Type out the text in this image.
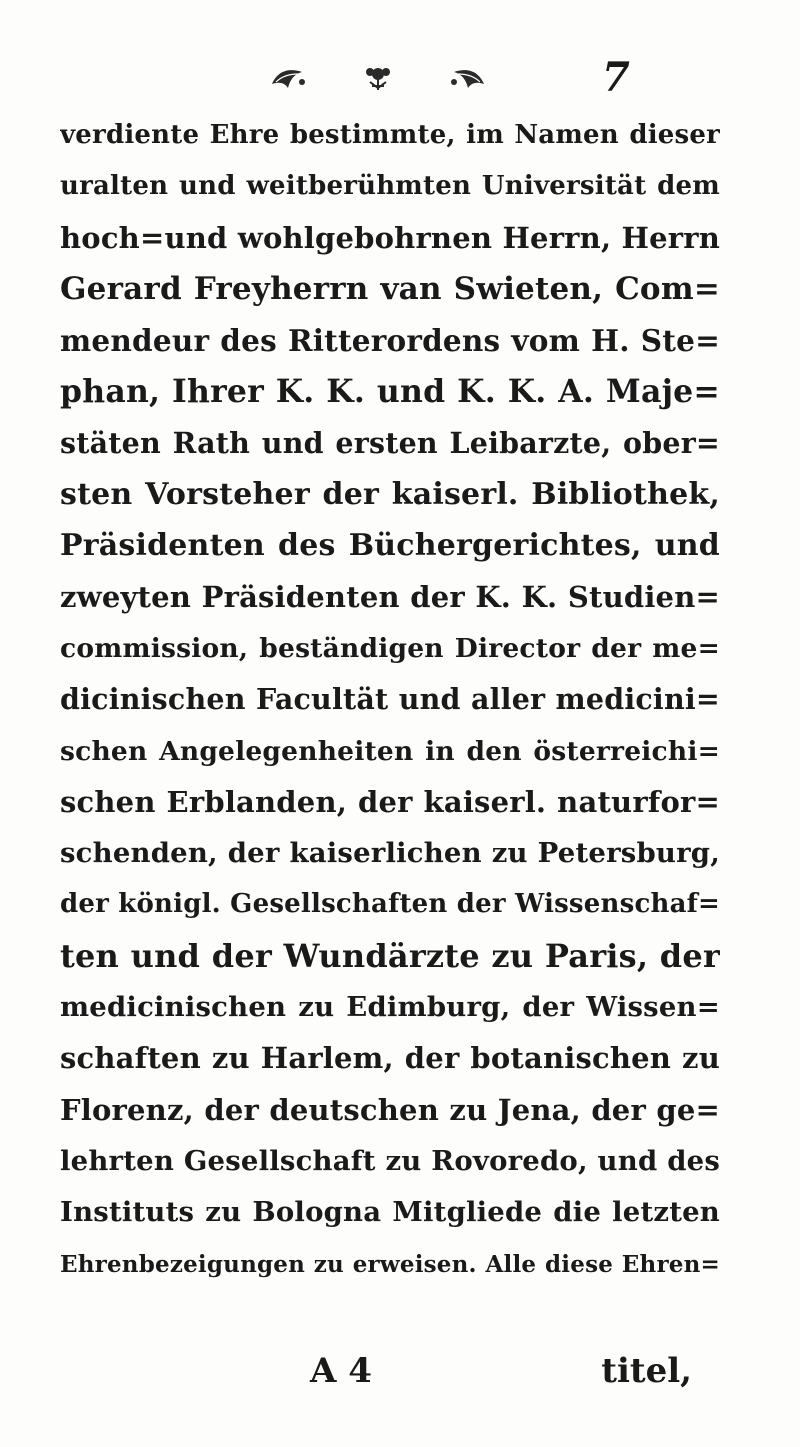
7
verdiente Ehre bestimmte, im Namen dieser
uralten und weitberühmten Universität dem
hoch=und wohlgebohrnen Herrn, Herrn
Gerard Freyherrn van Swieten, Com=
mendeur des Ritterordens vom H. Ste=
phan, Ihrer K. K. und K. K. A. Maje=
stäten Rath und ersten Leibarzte, ober=
sten Vorsteher der kaiserl. Bibliothek,
Präsidenten des Büchergerichtes, und
zweyten Präsidenten der K. K. Studien=
commission, beständigen Director der me=
dicinischen Facultät und aller medicini=
schen Angelegenheiten in den österreichi=
schen Erblanden, der kaiserl. naturfor=
schenden, der kaiserlichen zu Petersburg,
der königl. Gesellschaften der Wissenschaf=
ten und der Wundärzte zu Paris, der
medicinischen zu Edimburg, der Wissen=
schaften zu Harlem, der botanischen zu
Florenz, der deutschen zu Jena, der ge=
lehrten Gesellschaft zu Rovoredo, und des
Instituts zu Bologna Mitgliede die letzten
Ehrenbezeigungen zu erweisen. Alle diese Ehren=
A 4	titel,
